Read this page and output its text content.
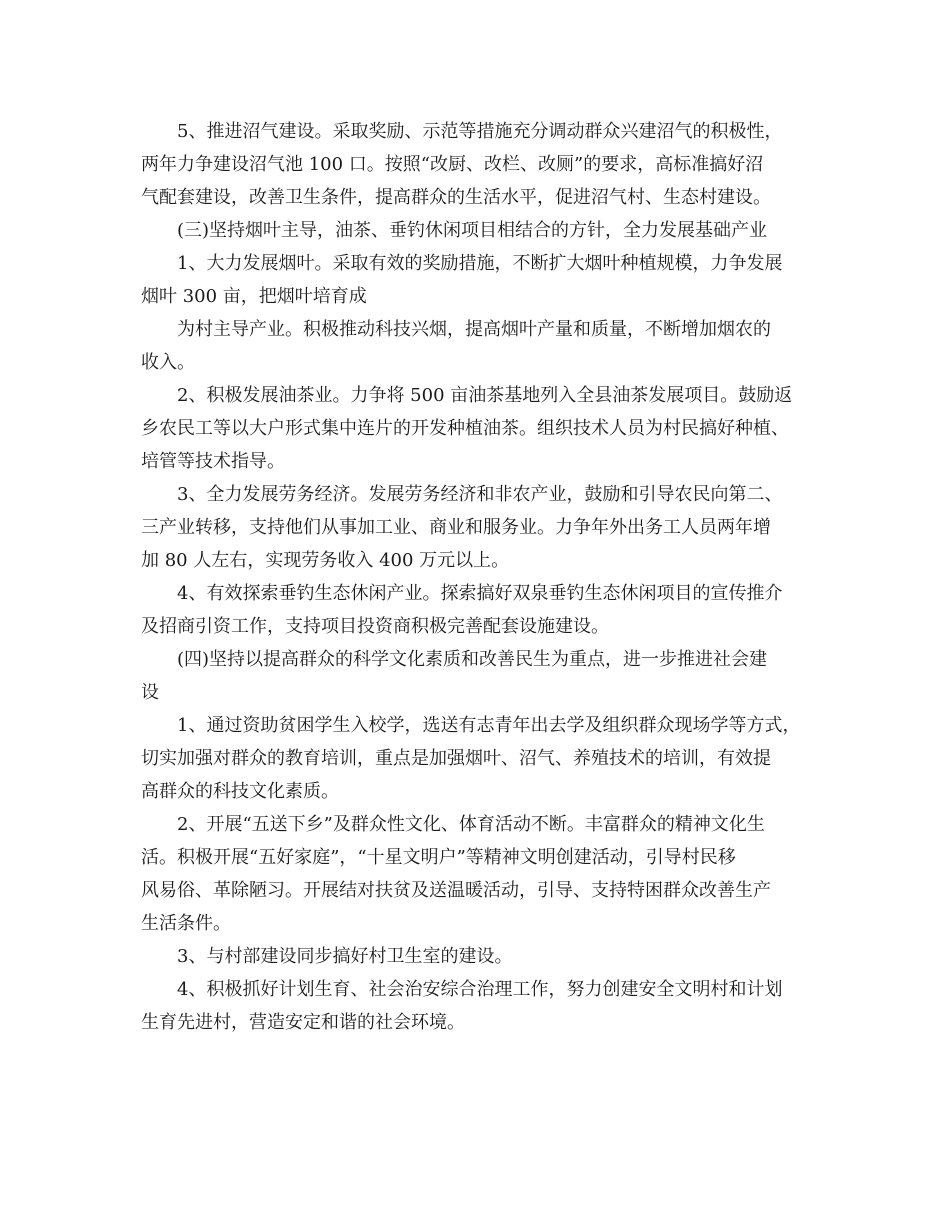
5、推进沼气建设。采取奖励、示范等措施充分调动群众兴建沼气的积极性，
两年力争建设沼气池 100 口。按照“改厨、改栏、改厕”的要求，高标准搞好沼
气配套建设，改善卫生条件，提高群众的生活水平，促进沼气村、生态村建设。
(三)坚持烟叶主导，油茶、垂钓休闲项目相结合的方针，全力发展基础产业
1、大力发展烟叶。采取有效的奖励措施，不断扩大烟叶种植规模，力争发展
烟叶 300 亩，把烟叶培育成
为村主导产业。积极推动科技兴烟，提高烟叶产量和质量，不断增加烟农的
收入。
2、积极发展油茶业。力争将 500 亩油茶基地列入全县油茶发展项目。鼓励返
乡农民工等以大户形式集中连片的开发种植油茶。组织技术人员为村民搞好种植、
培管等技术指导。
3、全力发展劳务经济。发展劳务经济和非农产业，鼓励和引导农民向第二、
三产业转移，支持他们从事加工业、商业和服务业。力争年外出务工人员两年增
加 80 人左右，实现劳务收入 400 万元以上。
4、有效探索垂钓生态休闲产业。探索搞好双泉垂钓生态休闲项目的宣传推介
及招商引资工作，支持项目投资商积极完善配套设施建设。
(四)坚持以提高群众的科学文化素质和改善民生为重点，进一步推进社会建
设
1、通过资助贫困学生入校学，选送有志青年出去学及组织群众现场学等方式，
切实加强对群众的教育培训，重点是加强烟叶、沼气、养殖技术的培训，有效提
高群众的科技文化素质。
2、开展“五送下乡”及群众性文化、体育活动不断。丰富群众的精神文化生
活。积极开展“五好家庭”，“十星文明户”等精神文明创建活动，引导村民移
风易俗、革除陋习。开展结对扶贫及送温暖活动，引导、支持特困群众改善生产
生活条件。
3、与村部建设同步搞好村卫生室的建设。
4、积极抓好计划生育、社会治安综合治理工作，努力创建安全文明村和计划
生育先进村，营造安定和谐的社会环境。
